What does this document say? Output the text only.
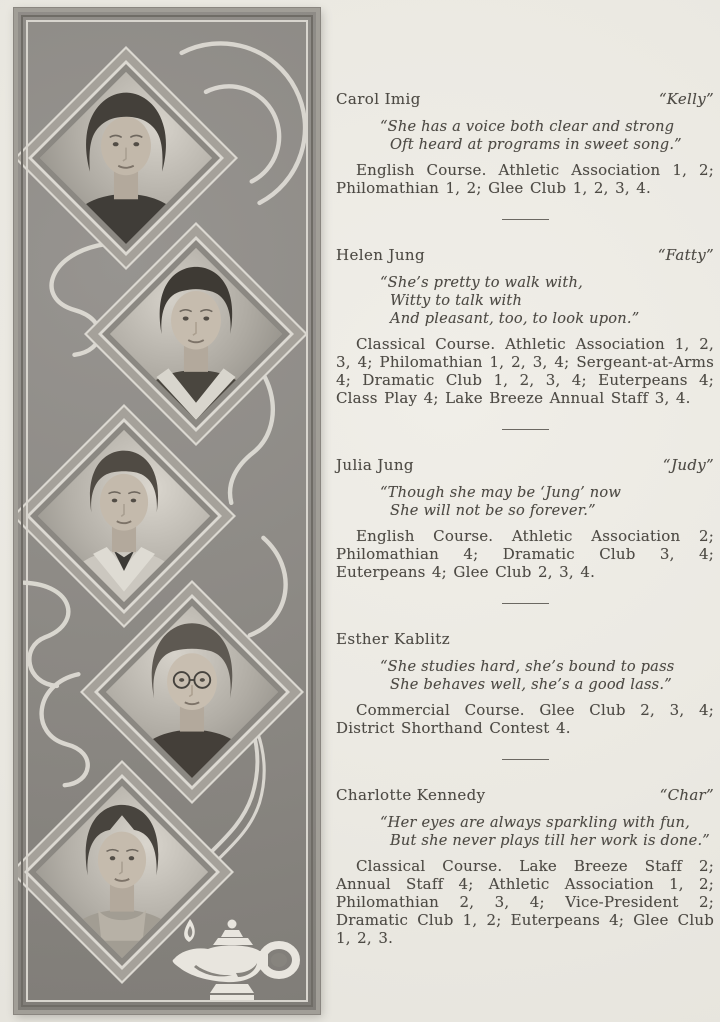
Carol Imig	“Kelly”
“She has a voice both clear and strong
Oft heard at programs in sweet song.”

English Course. Athletic Association 1, 2; Philomathian 1, 2; Glee Club 1, 2, 3, 4.

Helen Jung	“Fatty”
“She’s pretty to walk with,
Witty to talk with
And pleasant, too, to look upon.”

Classical Course. Athletic Association 1, 2, 3, 4; Philomathian 1, 2, 3, 4; Sergeant-at-Arms 4; Dramatic Club 1, 2, 3, 4; Euterpeans 4; Class Play 4; Lake Breeze Annual Staff 3, 4.

Julia Jung	“Judy”
“Though she may be ‘Jung’ now
She will not be so forever.”

English Course. Athletic Association 2; Philomathian 4; Dramatic Club 3, 4; Euterpeans 4; Glee Club 2, 3, 4.

Esther Kablitz
“She studies hard, she’s bound to pass
She behaves well, she’s a good lass.”

Commercial Course. Glee Club 2, 3, 4; District Shorthand Contest 4.

Charlotte Kennedy	“Char”
“Her eyes are always sparkling with fun,
But she never plays till her work is done.”

Classical Course. Lake Breeze Staff 2; Annual Staff 4; Athletic Association 1, 2; Philomathian 2, 3, 4; Vice-President 2; Dramatic Club 1, 2; Euterpeans 4; Glee Club 1, 2, 3.
